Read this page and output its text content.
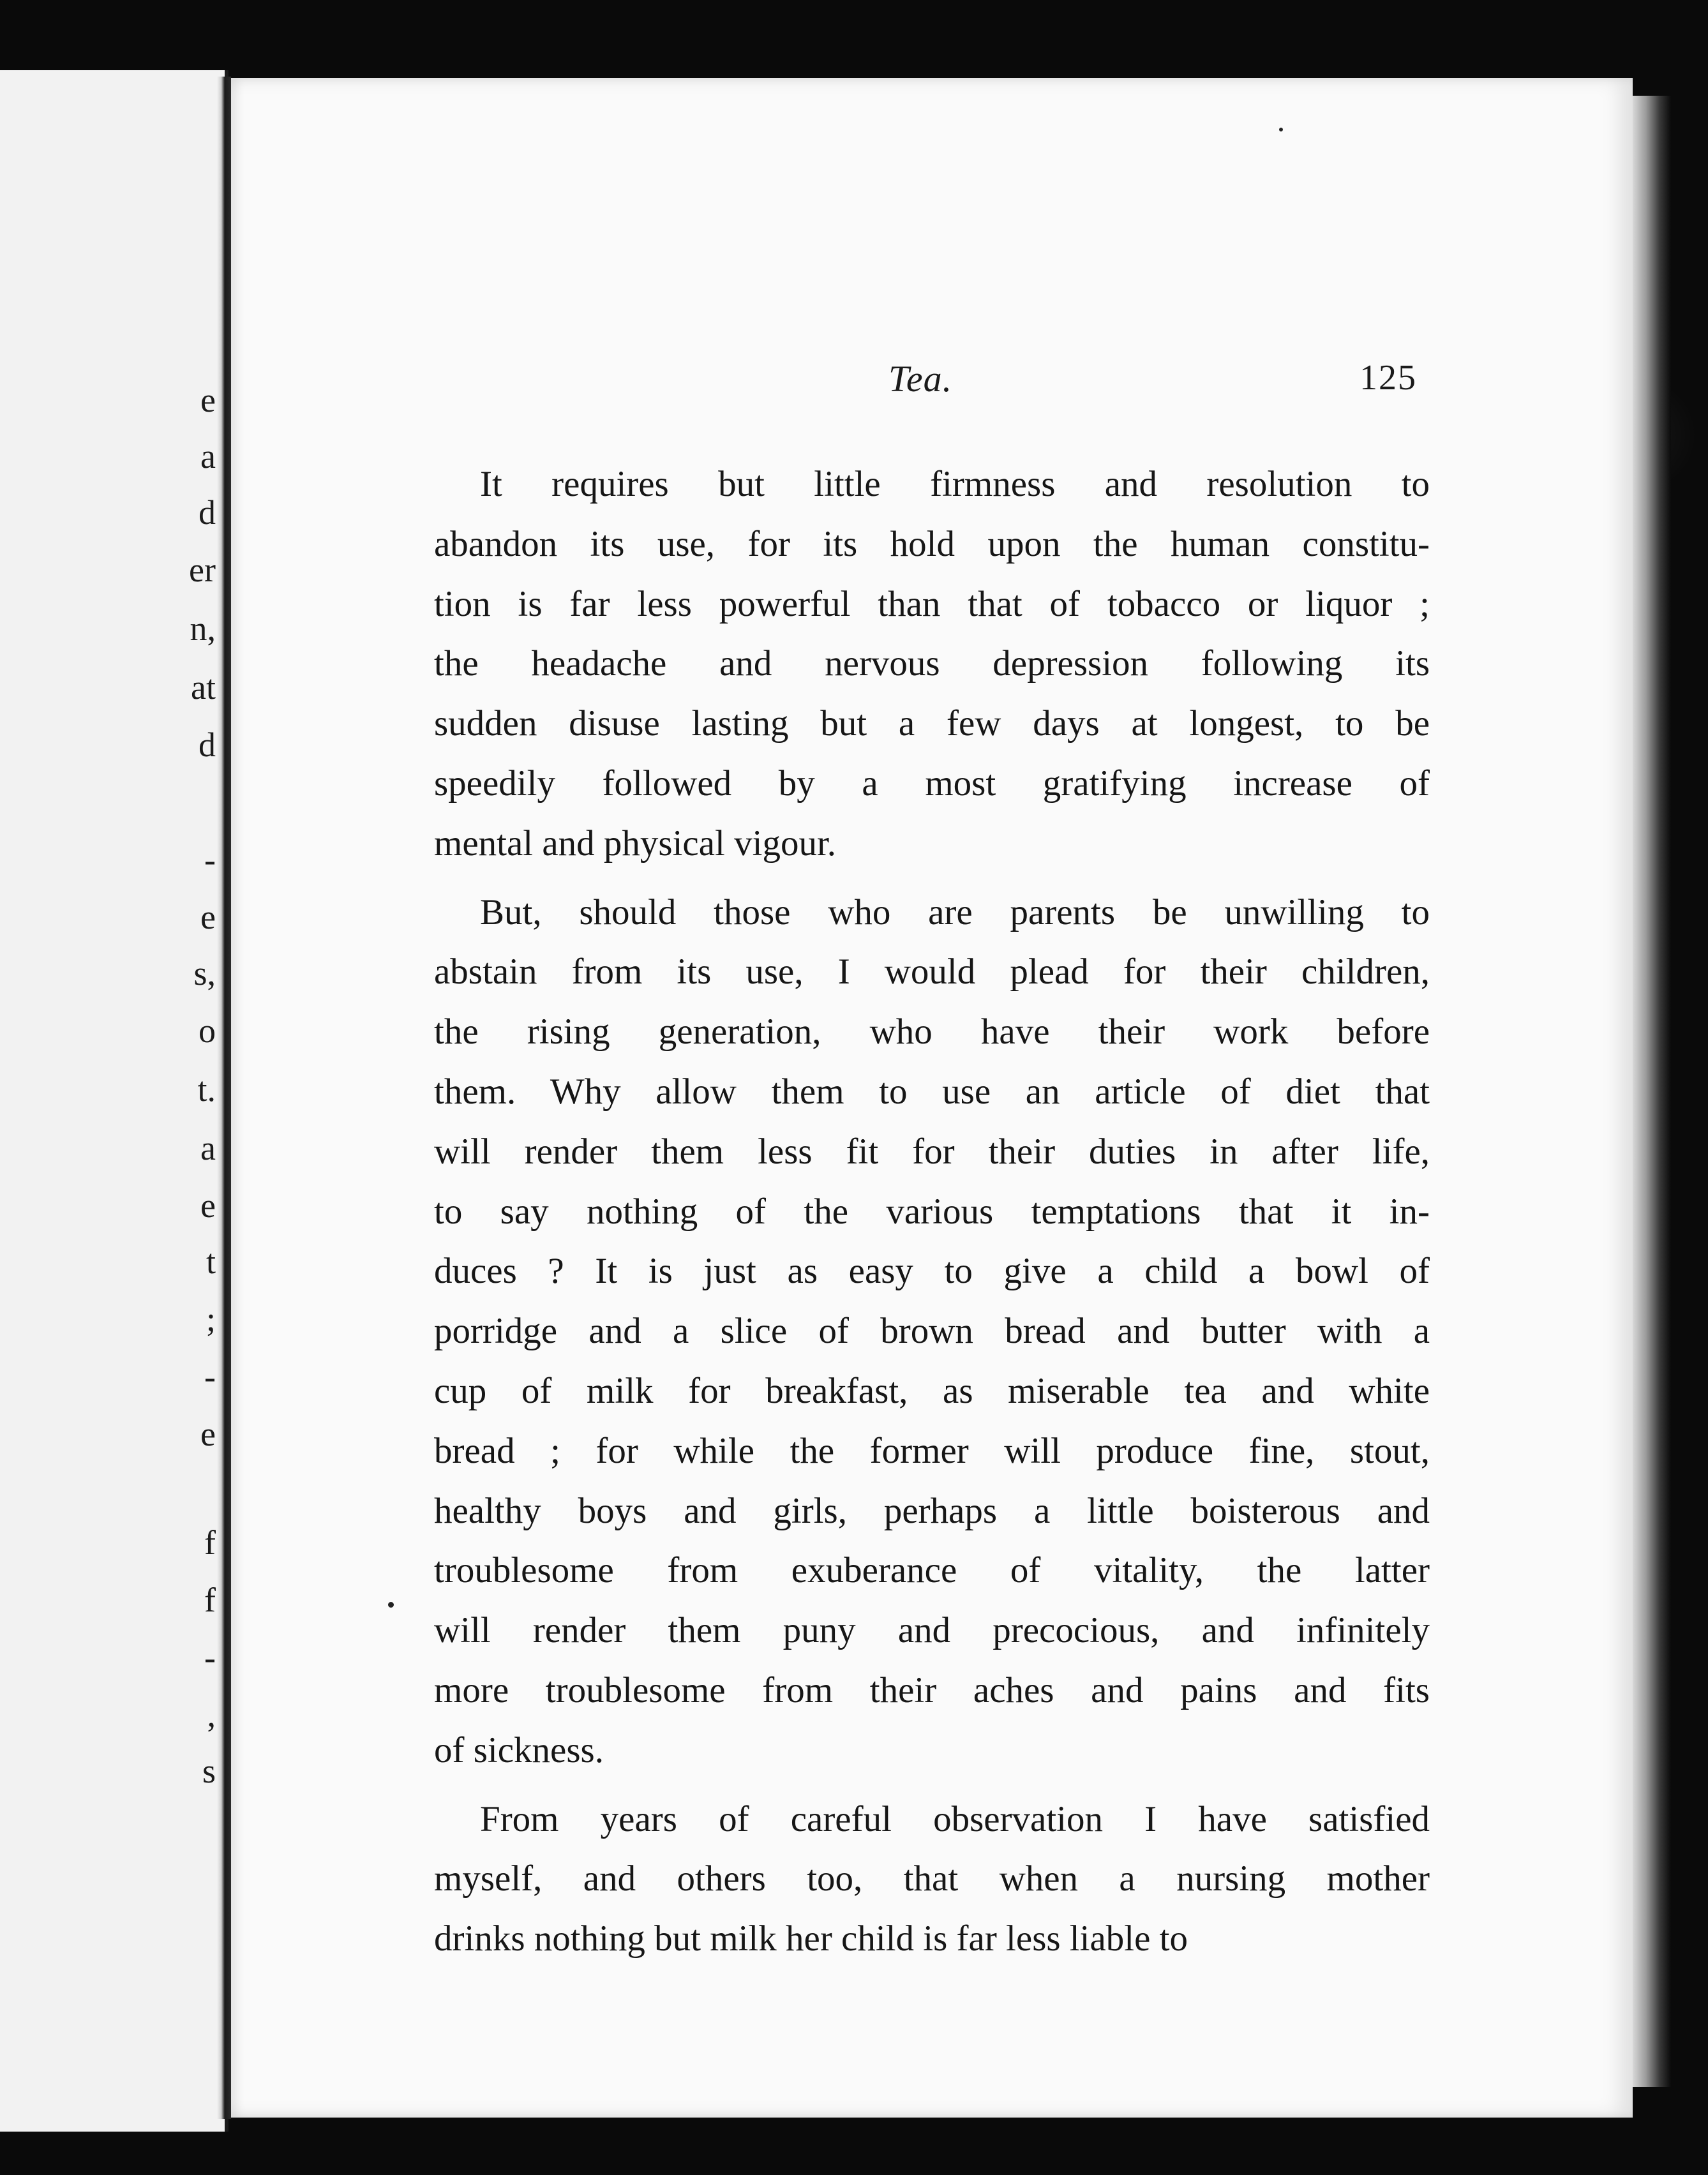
e
a
d
er
n,
at
d
-
e
s,
o
t.
a
e
t
;
-
e
f
f
-
,
s
Tea.	125
It requires but little firmness and resolution to
abandon its use, for its hold upon the human constitu-
tion is far less powerful than that of tobacco or liquor ;
the headache and nervous depression following its
sudden disuse lasting but a few days at longest, to be
speedily followed by a most gratifying increase of
mental and physical vigour.
But, should those who are parents be unwilling to
abstain from its use, I would plead for their children,
the rising generation, who have their work before
them. Why allow them to use an article of diet that
will render them less fit for their duties in after life,
to say nothing of the various temptations that it in-
duces ? It is just as easy to give a child a bowl of
porridge and a slice of brown bread and butter with a
cup of milk for breakfast, as miserable tea and white
bread ; for while the former will produce fine, stout,
healthy boys and girls, perhaps a little boisterous and
troublesome from exuberance of vitality, the latter
will render them puny and precocious, and infinitely
more troublesome from their aches and pains and fits
of sickness.
From years of careful observation I have satisfied
myself, and others too, that when a nursing mother
drinks nothing but milk her child is far less liable to
